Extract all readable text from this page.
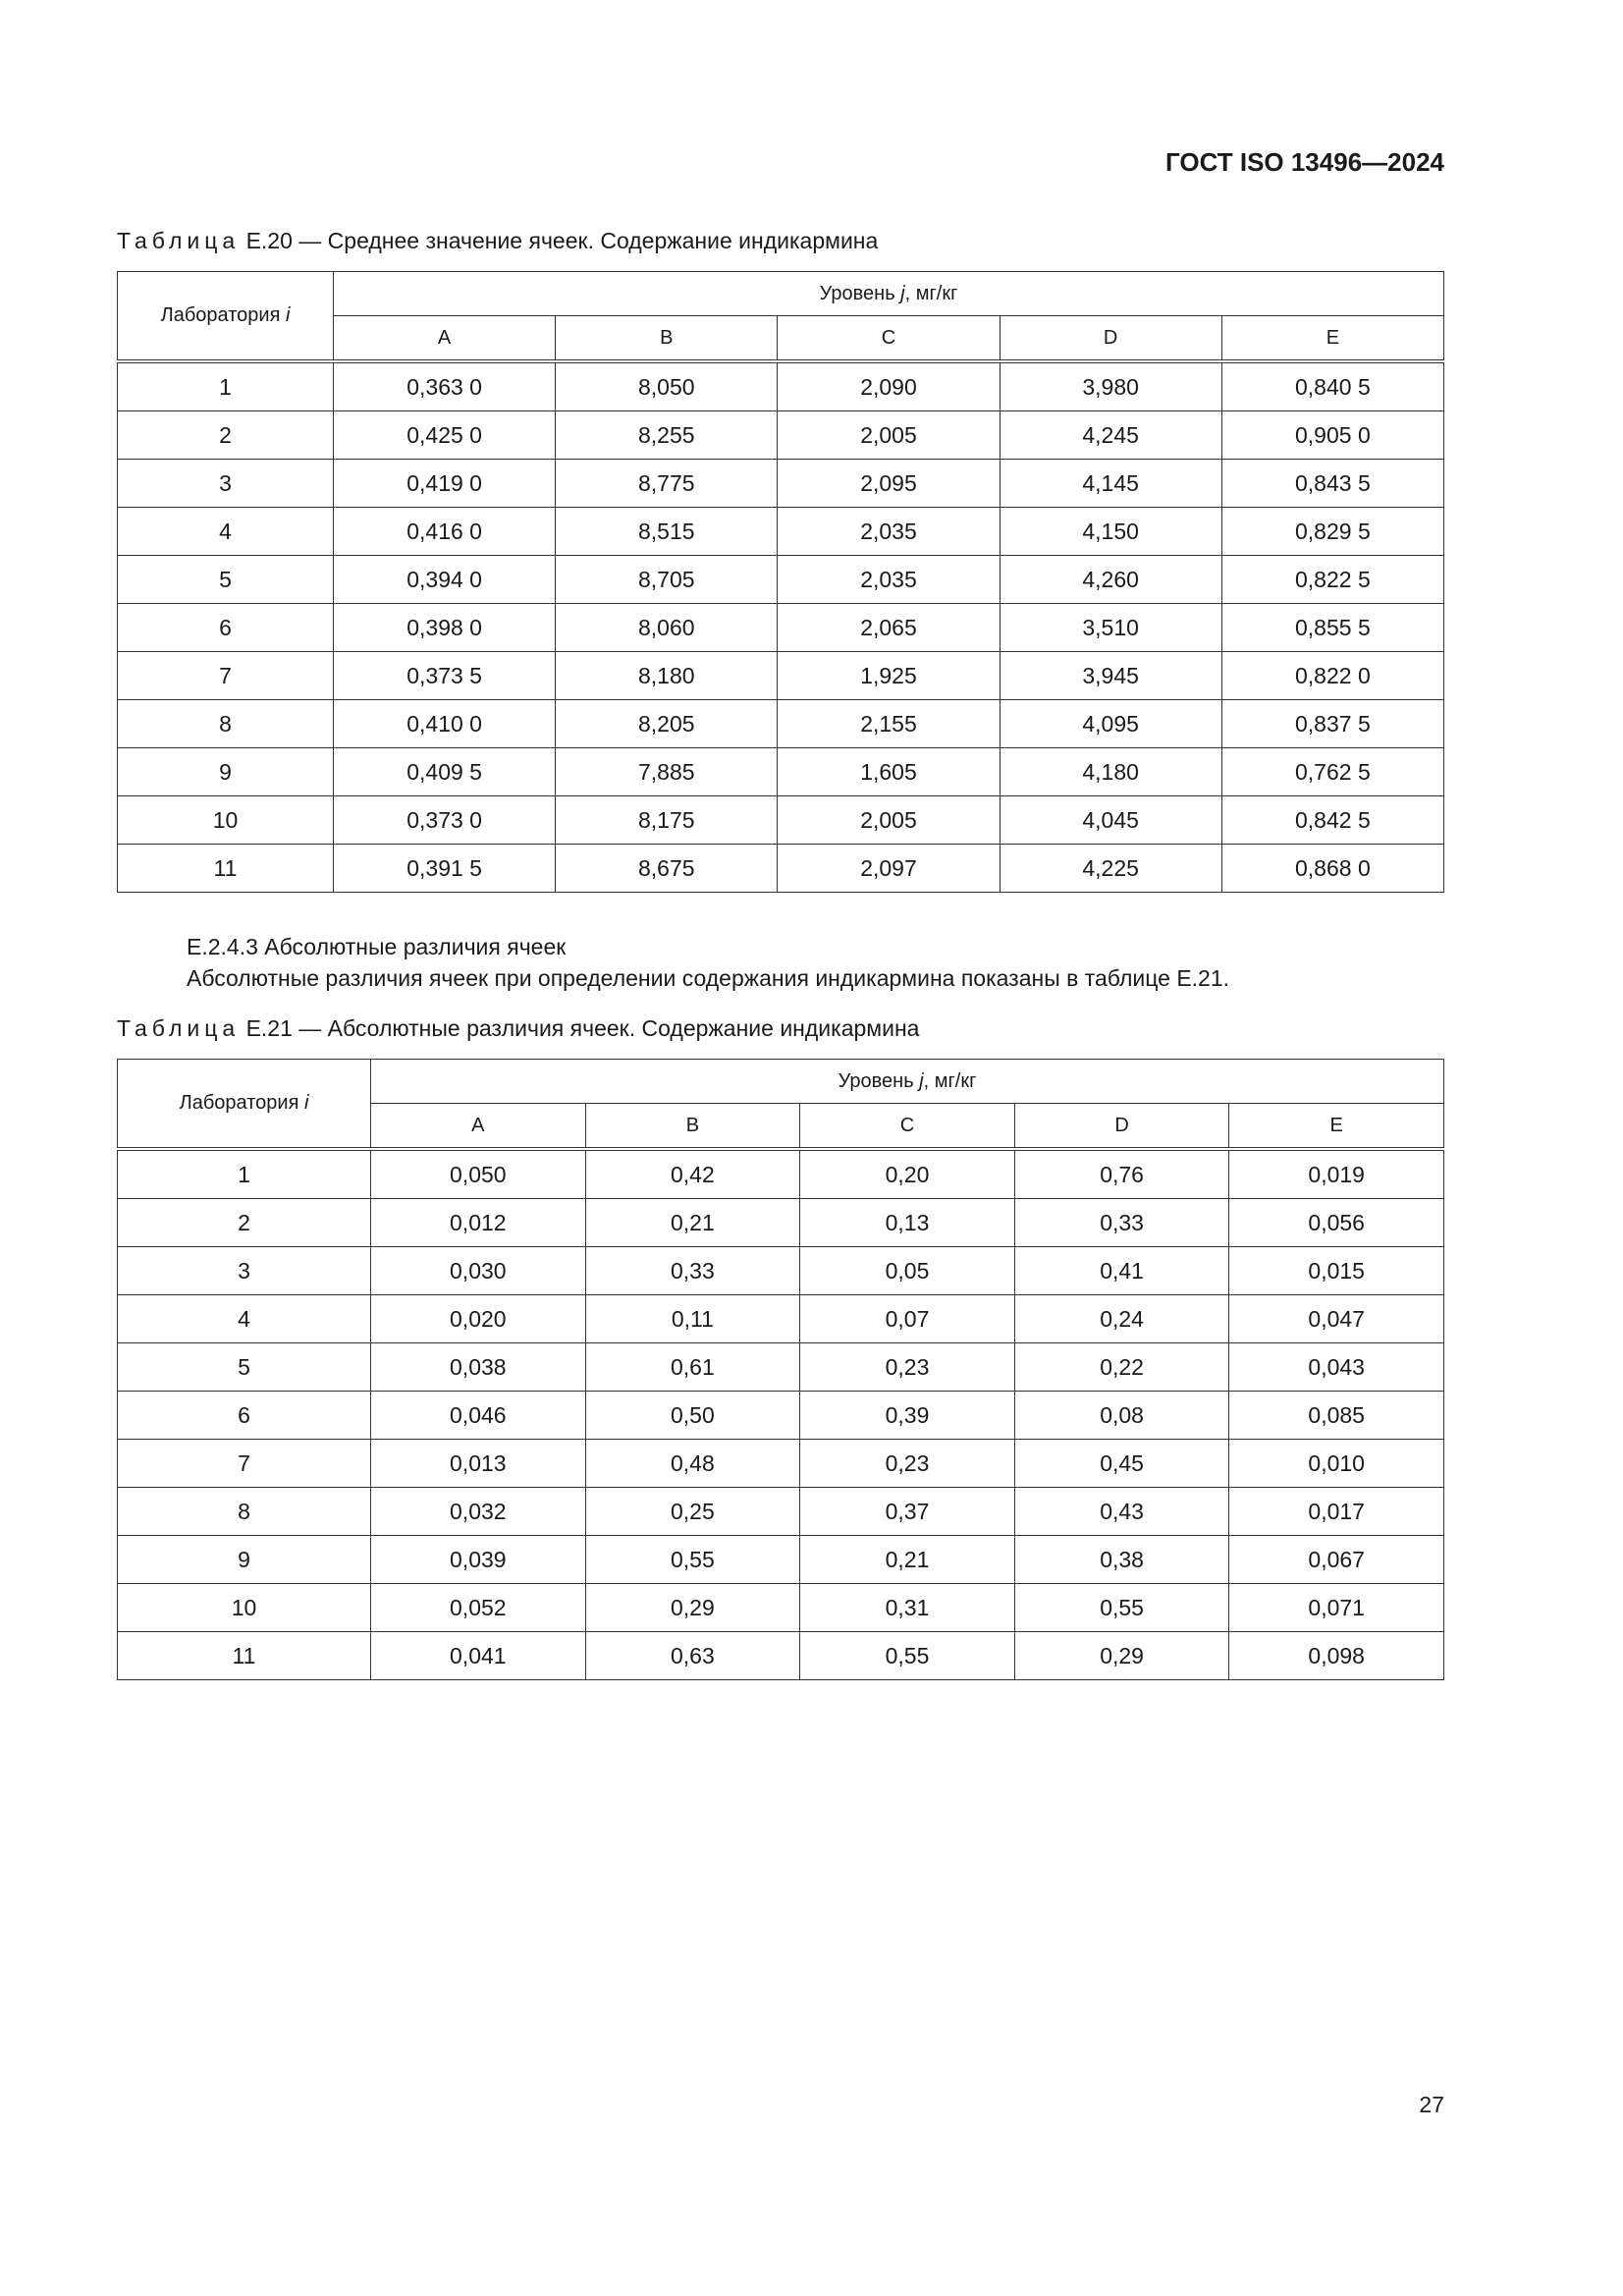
ГОСТ ISO 13496—2024
Таблица E.20 — Среднее значение ячеек. Содержание индикармина
Лаборатория i	Уровень j, мг/кг				
	A	B	C	D	E
1	0,363 0	8,050	2,090	3,980	0,840 5
2	0,425 0	8,255	2,005	4,245	0,905 0
3	0,419 0	8,775	2,095	4,145	0,843 5
4	0,416 0	8,515	2,035	4,150	0,829 5
5	0,394 0	8,705	2,035	4,260	0,822 5
6	0,398 0	8,060	2,065	3,510	0,855 5
7	0,373 5	8,180	1,925	3,945	0,822 0
8	0,410 0	8,205	2,155	4,095	0,837 5
9	0,409 5	7,885	1,605	4,180	0,762 5
10	0,373 0	8,175	2,005	4,045	0,842 5
11	0,391 5	8,675	2,097	4,225	0,868 0
E.2.4.3 Абсолютные различия ячеек
Абсолютные различия ячеек при определении содержания индикармина показаны в таблице E.21.
Таблица E.21 — Абсолютные различия ячеек. Содержание индикармина
Лаборатория i	Уровень j, мг/кг				
	A	B	C	D	E
1	0,050	0,42	0,20	0,76	0,019
2	0,012	0,21	0,13	0,33	0,056
3	0,030	0,33	0,05	0,41	0,015
4	0,020	0,11	0,07	0,24	0,047
5	0,038	0,61	0,23	0,22	0,043
6	0,046	0,50	0,39	0,08	0,085
7	0,013	0,48	0,23	0,45	0,010
8	0,032	0,25	0,37	0,43	0,017
9	0,039	0,55	0,21	0,38	0,067
10	0,052	0,29	0,31	0,55	0,071
11	0,041	0,63	0,55	0,29	0,098
27
